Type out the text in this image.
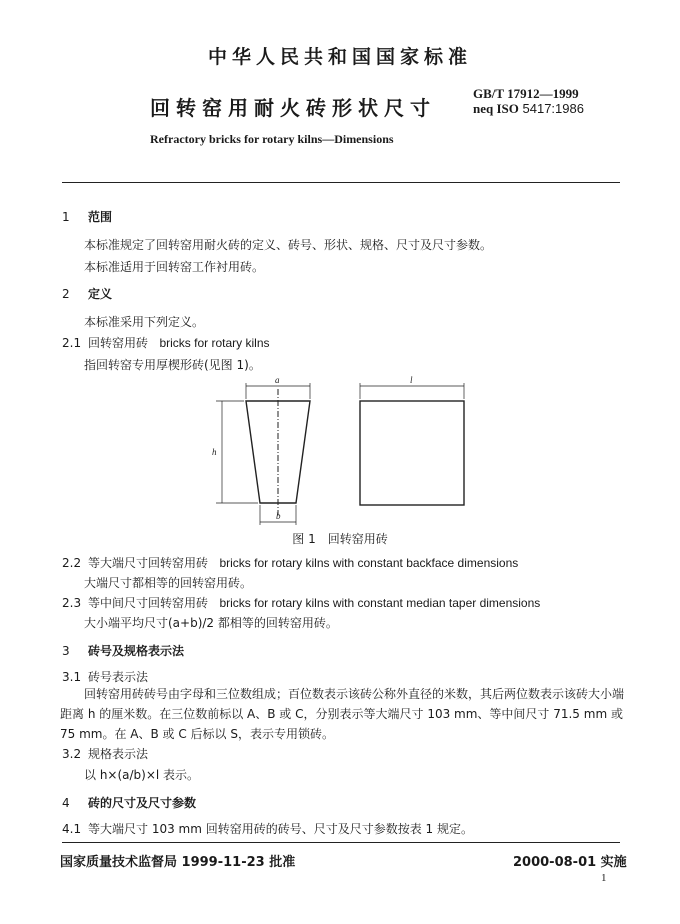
中华人民共和国国家标准
回转窑用耐火砖形状尺寸
GB/T 17912—1999
neq ISO 5417:1986
Refractory bricks for rotary kilns—Dimensions
1 范围
本标准规定了回转窑用耐火砖的定义、砖号、形状、规格、尺寸及尺寸参数。
本标准适用于回转窑工作衬用砖。
2 定义
本标准采用下列定义。
2.1 回转窑用砖 bricks for rotary kilns
指回转窑专用厚楔形砖(见图 1)。
a
b
h
l
图 1 回转窑用砖
2.2 等大端尺寸回转窑用砖 bricks for rotary kilns with constant backface dimensions
大端尺寸都相等的回转窑用砖。
2.3 等中间尺寸回转窑用砖 bricks for rotary kilns with constant median taper dimensions
大小端平均尺寸(a+b)/2 都相等的回转窑用砖。
3 砖号及规格表示法
3.1 砖号表示法
回转窑用砖砖号由字母和三位数组成；百位数表示该砖公称外直径的米数，其后两位数表示该砖大小端距离 h 的厘米数。在三位数前标以 A、B 或 C，分别表示等大端尺寸 103 mm、等中间尺寸 71.5 mm 或 75 mm。在 A、B 或 C 后标以 S，表示专用锁砖。
3.2 规格表示法
以 h×(a/b)×l 表示。
4 砖的尺寸及尺寸参数
4.1 等大端尺寸 103 mm 回转窑用砖的砖号、尺寸及尺寸参数按表 1 规定。
国家质量技术监督局 1999-11-23 批准	2000-08-01 实施
1
